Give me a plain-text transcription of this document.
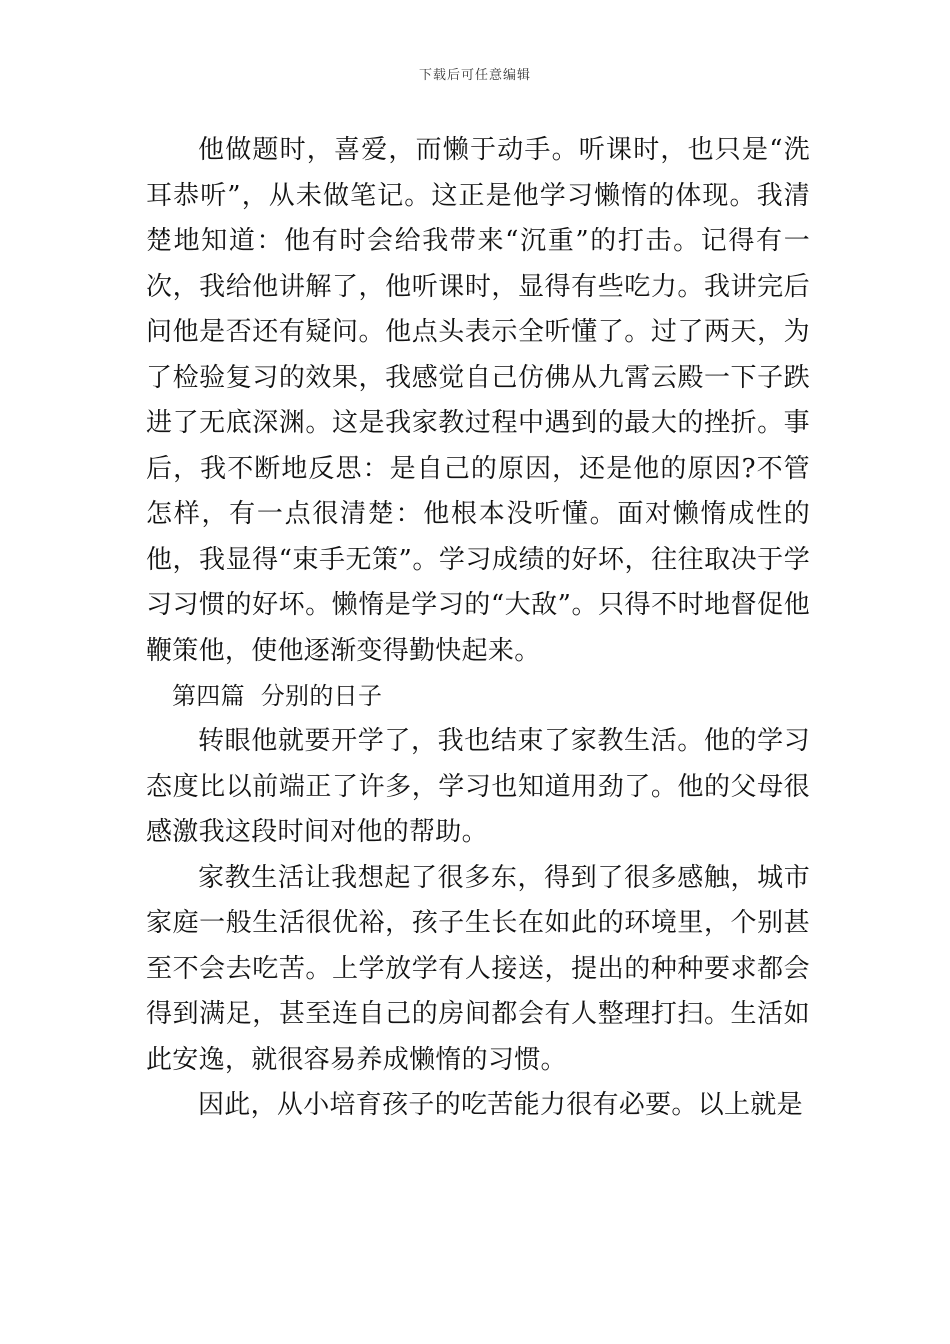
下载后可任意编辑

他做题时，喜爱，而懒于动手。听课时，也只是“洗耳恭听”，从未做笔记。这正是他学习懒惰的体现。我清楚地知道：他有时会给我带来“沉重”的打击。记得有一次，我给他讲解了，他听课时，显得有些吃力。我讲完后问他是否还有疑问。他点头表示全听懂了。过了两天，为了检验复习的效果，我感觉自己仿佛从九霄云殿一下子跌进了无底深渊。这是我家教过程中遇到的最大的挫折。事后，我不断地反思：是自己的原因，还是他的原因?不管怎样，有一点很清楚：他根本没听懂。面对懒惰成性的他，我显得“束手无策”。学习成绩的好坏，往往取决于学习习惯的好坏。懒惰是学习的“大敌”。只得不时地督促他鞭策他，使他逐渐变得勤快起来。

第四篇  分别的日子

转眼他就要开学了，我也结束了家教生活。他的学习态度比以前端正了许多，学习也知道用劲了。他的父母很感激我这段时间对他的帮助。

家教生活让我想起了很多东，得到了很多感触，城市家庭一般生活很优裕，孩子生长在如此的环境里，个别甚至不会去吃苦。上学放学有人接送，提出的种种要求都会得到满足，甚至连自己的房间都会有人整理打扫。生活如此安逸，就很容易养成懒惰的习惯。

因此，从小培育孩子的吃苦能力很有必要。以上就是
